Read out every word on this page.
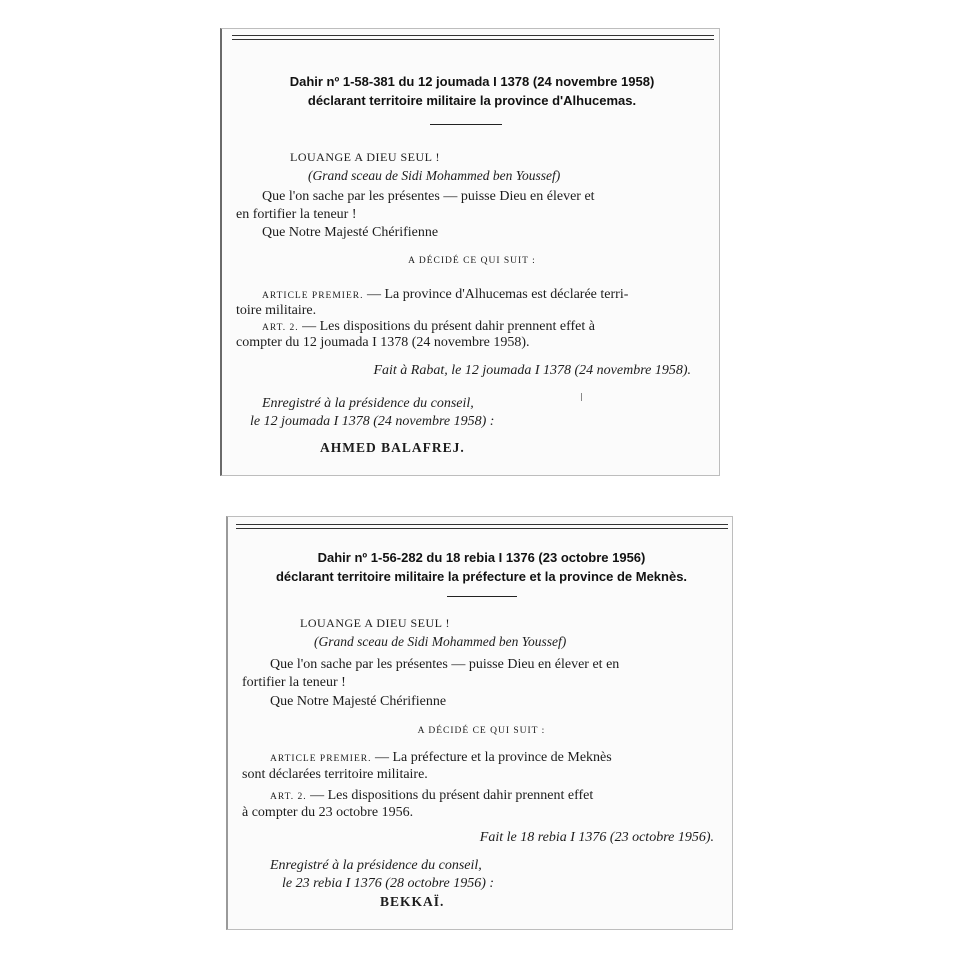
Dahir nº 1-58-381 du 12 joumada I 1378 (24 novembre 1958)
déclarant territoire militaire la province d'Alhucemas.
LOUANGE A DIEU SEUL !
(Grand sceau de Sidi Mohammed ben Youssef)
Que l'on sache par les présentes — puisse Dieu en élever et
en fortifier la teneur !
Que Notre Majesté Chérifienne
A DÉCIDÉ CE QUI SUIT :
ARTICLE PREMIER. — La province d'Alhucemas est déclarée terri-
toire militaire.
ART. 2. — Les dispositions du présent dahir prennent effet à
compter du 12 joumada I 1378 (24 novembre 1958).
Fait à Rabat, le 12 joumada I 1378 (24 novembre 1958).
Enregistré à la présidence du conseil,
le 12 joumada I 1378 (24 novembre 1958) :
AHMED BALAFREJ.
Dahir nº 1-56-282 du 18 rebia I 1376 (23 octobre 1956)
déclarant territoire militaire la préfecture et la province de Meknès.
LOUANGE A DIEU SEUL !
(Grand sceau de Sidi Mohammed ben Youssef)
Que l'on sache par les présentes — puisse Dieu en élever et en
fortifier la teneur !
Que Notre Majesté Chérifienne
A DÉCIDÉ CE QUI SUIT :
ARTICLE PREMIER. — La préfecture et la province de Meknès
sont déclarées territoire militaire.
ART. 2. — Les dispositions du présent dahir prennent effet
à compter du 23 octobre 1956.
Fait le 18 rebia I 1376 (23 octobre 1956).
Enregistré à la présidence du conseil,
le 23 rebia I 1376 (28 octobre 1956) :
BEKKAÏ.
